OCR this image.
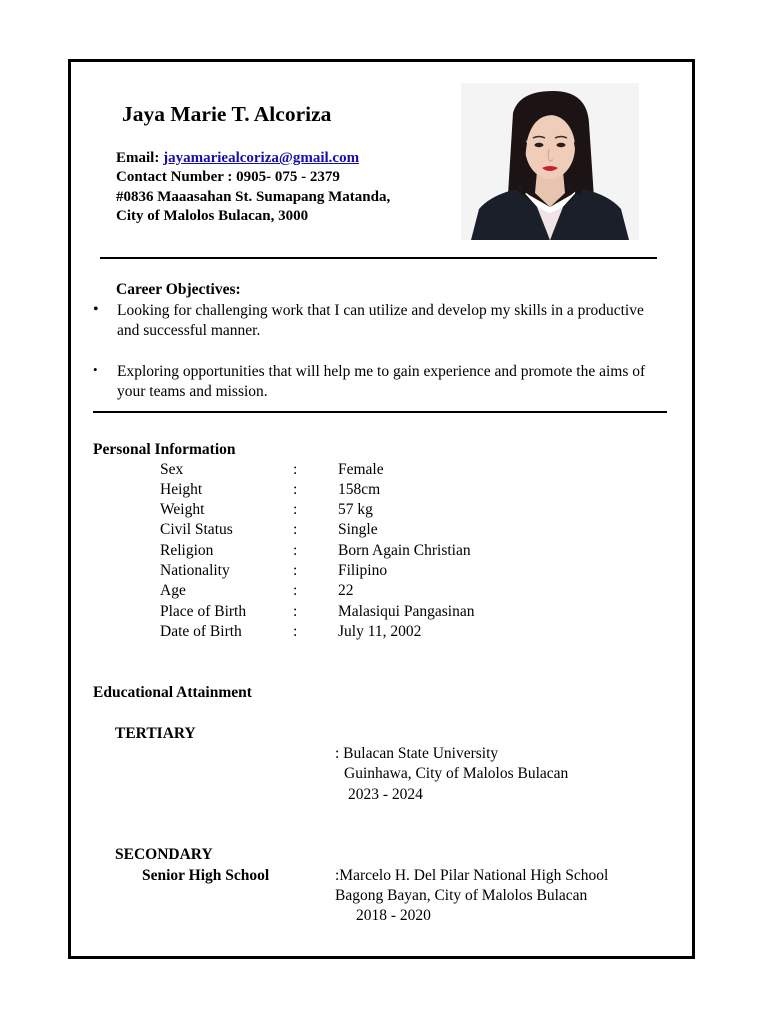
Jaya Marie T. Alcoriza
Email: jayamariealcoriza@gmail.com
Contact Number : 0905- 075 - 2379
#0836 Maaasahan St. Sumapang Matanda,
City of Malolos Bulacan, 3000
Career Objectives:
• Looking for challenging work that I can utilize and develop my skills in a productive and successful manner.
• Exploring opportunities that will help me to gain experience and promote the aims of your teams and mission.
Personal Information
Sex	:	Female
Height	:	158cm
Weight	:	57 kg
Civil Status	:	Single
Religion	:	Born Again Christian
Nationality	:	Filipino
Age	:	22
Place of Birth	:	Malasiqui Pangasinan
Date of Birth	:	July 11, 2002
Educational Attainment
TERTIARY
: Bulacan State University
Guinhawa, City of Malolos Bulacan
2023 - 2024
SECONDARY
Senior High School	:Marcelo H. Del Pilar National High School
Bagong Bayan, City of Malolos Bulacan
2018 - 2020
